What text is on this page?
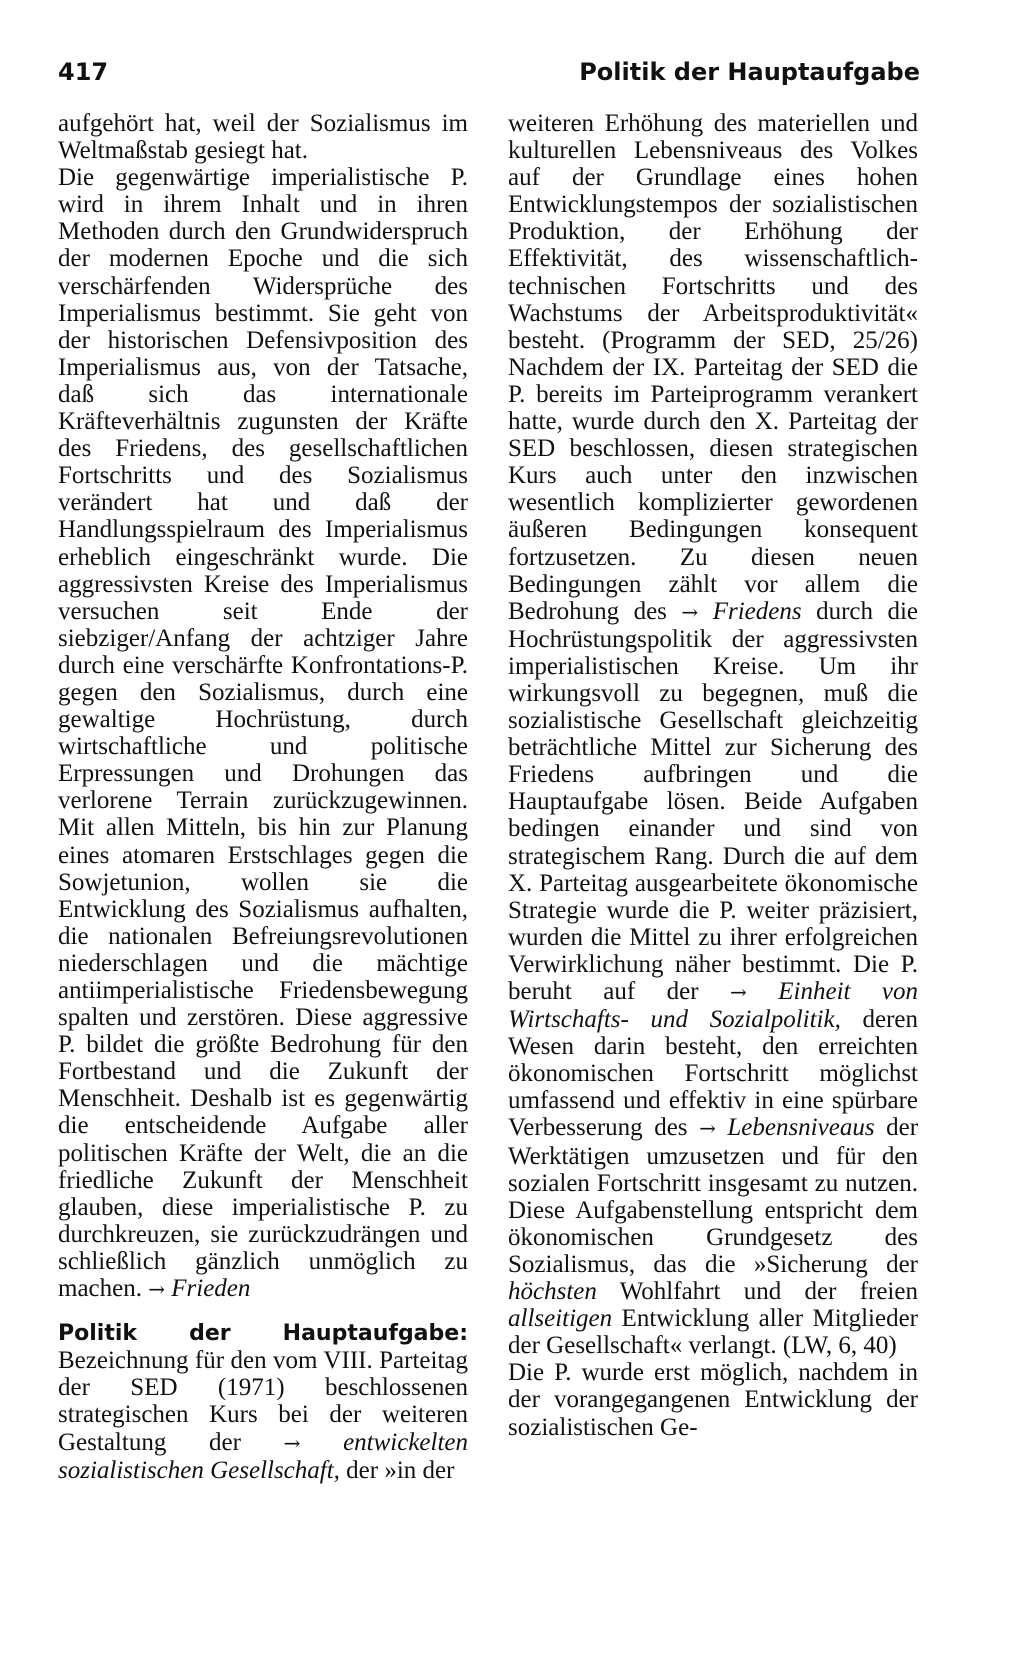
417	Politik der Hauptaufgabe

aufgehört hat, weil der Sozialismus im Weltmaßstab gesiegt hat.

Die gegenwärtige imperialistische P. wird in ihrem Inhalt und in ihren Methoden durch den Grundwiderspruch der modernen Epoche und die sich verschärfenden Widersprüche des Imperialismus bestimmt. Sie geht von der historischen Defensivposition des Imperialismus aus, von der Tatsache, daß sich das internationale Kräfteverhältnis zugunsten der Kräfte des Friedens, des gesellschaftlichen Fortschritts und des Sozialismus verändert hat und daß der Handlungsspielraum des Imperialismus erheblich eingeschränkt wurde. Die aggressivsten Kreise des Imperialismus versuchen seit Ende der siebziger/Anfang der achtziger Jahre durch eine verschärfte Konfrontations-P. gegen den Sozialismus, durch eine gewaltige Hochrüstung, durch wirtschaftliche und politische Erpressungen und Drohungen das verlorene Terrain zurückzugewinnen. Mit allen Mitteln, bis hin zur Planung eines atomaren Erstschlages gegen die Sowjetunion, wollen sie die Entwicklung des Sozialismus aufhalten, die nationalen Befreiungsrevolutionen niederschlagen und die mächtige antiimperialistische Friedensbewegung spalten und zerstören. Diese aggressive P. bildet die größte Bedrohung für den Fortbestand und die Zukunft der Menschheit. Deshalb ist es gegenwärtig die entscheidende Aufgabe aller politischen Kräfte der Welt, die an die friedliche Zukunft der Menschheit glauben, diese imperialistische P. zu durchkreuzen, sie zurückzudrängen und schließlich gänzlich unmöglich zu machen. → Frieden

Politik der Hauptaufgabe: Bezeichnung für den vom VIII. Parteitag der SED (1971) beschlossenen strategischen Kurs bei der weiteren Gestaltung der → entwickelten sozialistischen Gesellschaft, der »in der

weiteren Erhöhung des materiellen und kulturellen Lebensniveaus des Volkes auf der Grundlage eines hohen Entwicklungstempos der sozialistischen Produktion, der Erhöhung der Effektivität, des wissenschaftlich-technischen Fortschritts und des Wachstums der Arbeitsproduktivität« besteht. (Programm der SED, 25/26) Nachdem der IX. Parteitag der SED die P. bereits im Parteiprogramm verankert hatte, wurde durch den X. Parteitag der SED beschlossen, diesen strategischen Kurs auch unter den inzwischen wesentlich komplizierter gewordenen äußeren Bedingungen konsequent fortzusetzen. Zu diesen neuen Bedingungen zählt vor allem die Bedrohung des → Friedens durch die Hochrüstungspolitik der aggressivsten imperialistischen Kreise. Um ihr wirkungsvoll zu begegnen, muß die sozialistische Gesellschaft gleichzeitig beträchtliche Mittel zur Sicherung des Friedens aufbringen und die Hauptaufgabe lösen. Beide Aufgaben bedingen einander und sind von strategischem Rang. Durch die auf dem X. Parteitag ausgearbeitete ökonomische Strategie wurde die P. weiter präzisiert, wurden die Mittel zu ihrer erfolgreichen Verwirklichung näher bestimmt. Die P. beruht auf der → Einheit von Wirtschafts- und Sozialpolitik, deren Wesen darin besteht, den erreichten ökonomischen Fortschritt möglichst umfassend und effektiv in eine spürbare Verbesserung des → Lebensniveaus der Werktätigen umzusetzen und für den sozialen Fortschritt insgesamt zu nutzen. Diese Aufgabenstellung entspricht dem ökonomischen Grundgesetz des Sozialismus, das die »Sicherung der höchsten Wohlfahrt und der freien allseitigen Entwicklung aller Mitglieder der Gesellschaft« verlangt. (LW, 6, 40)

Die P. wurde erst möglich, nachdem in der vorangegangenen Entwicklung der sozialistischen Ge-
